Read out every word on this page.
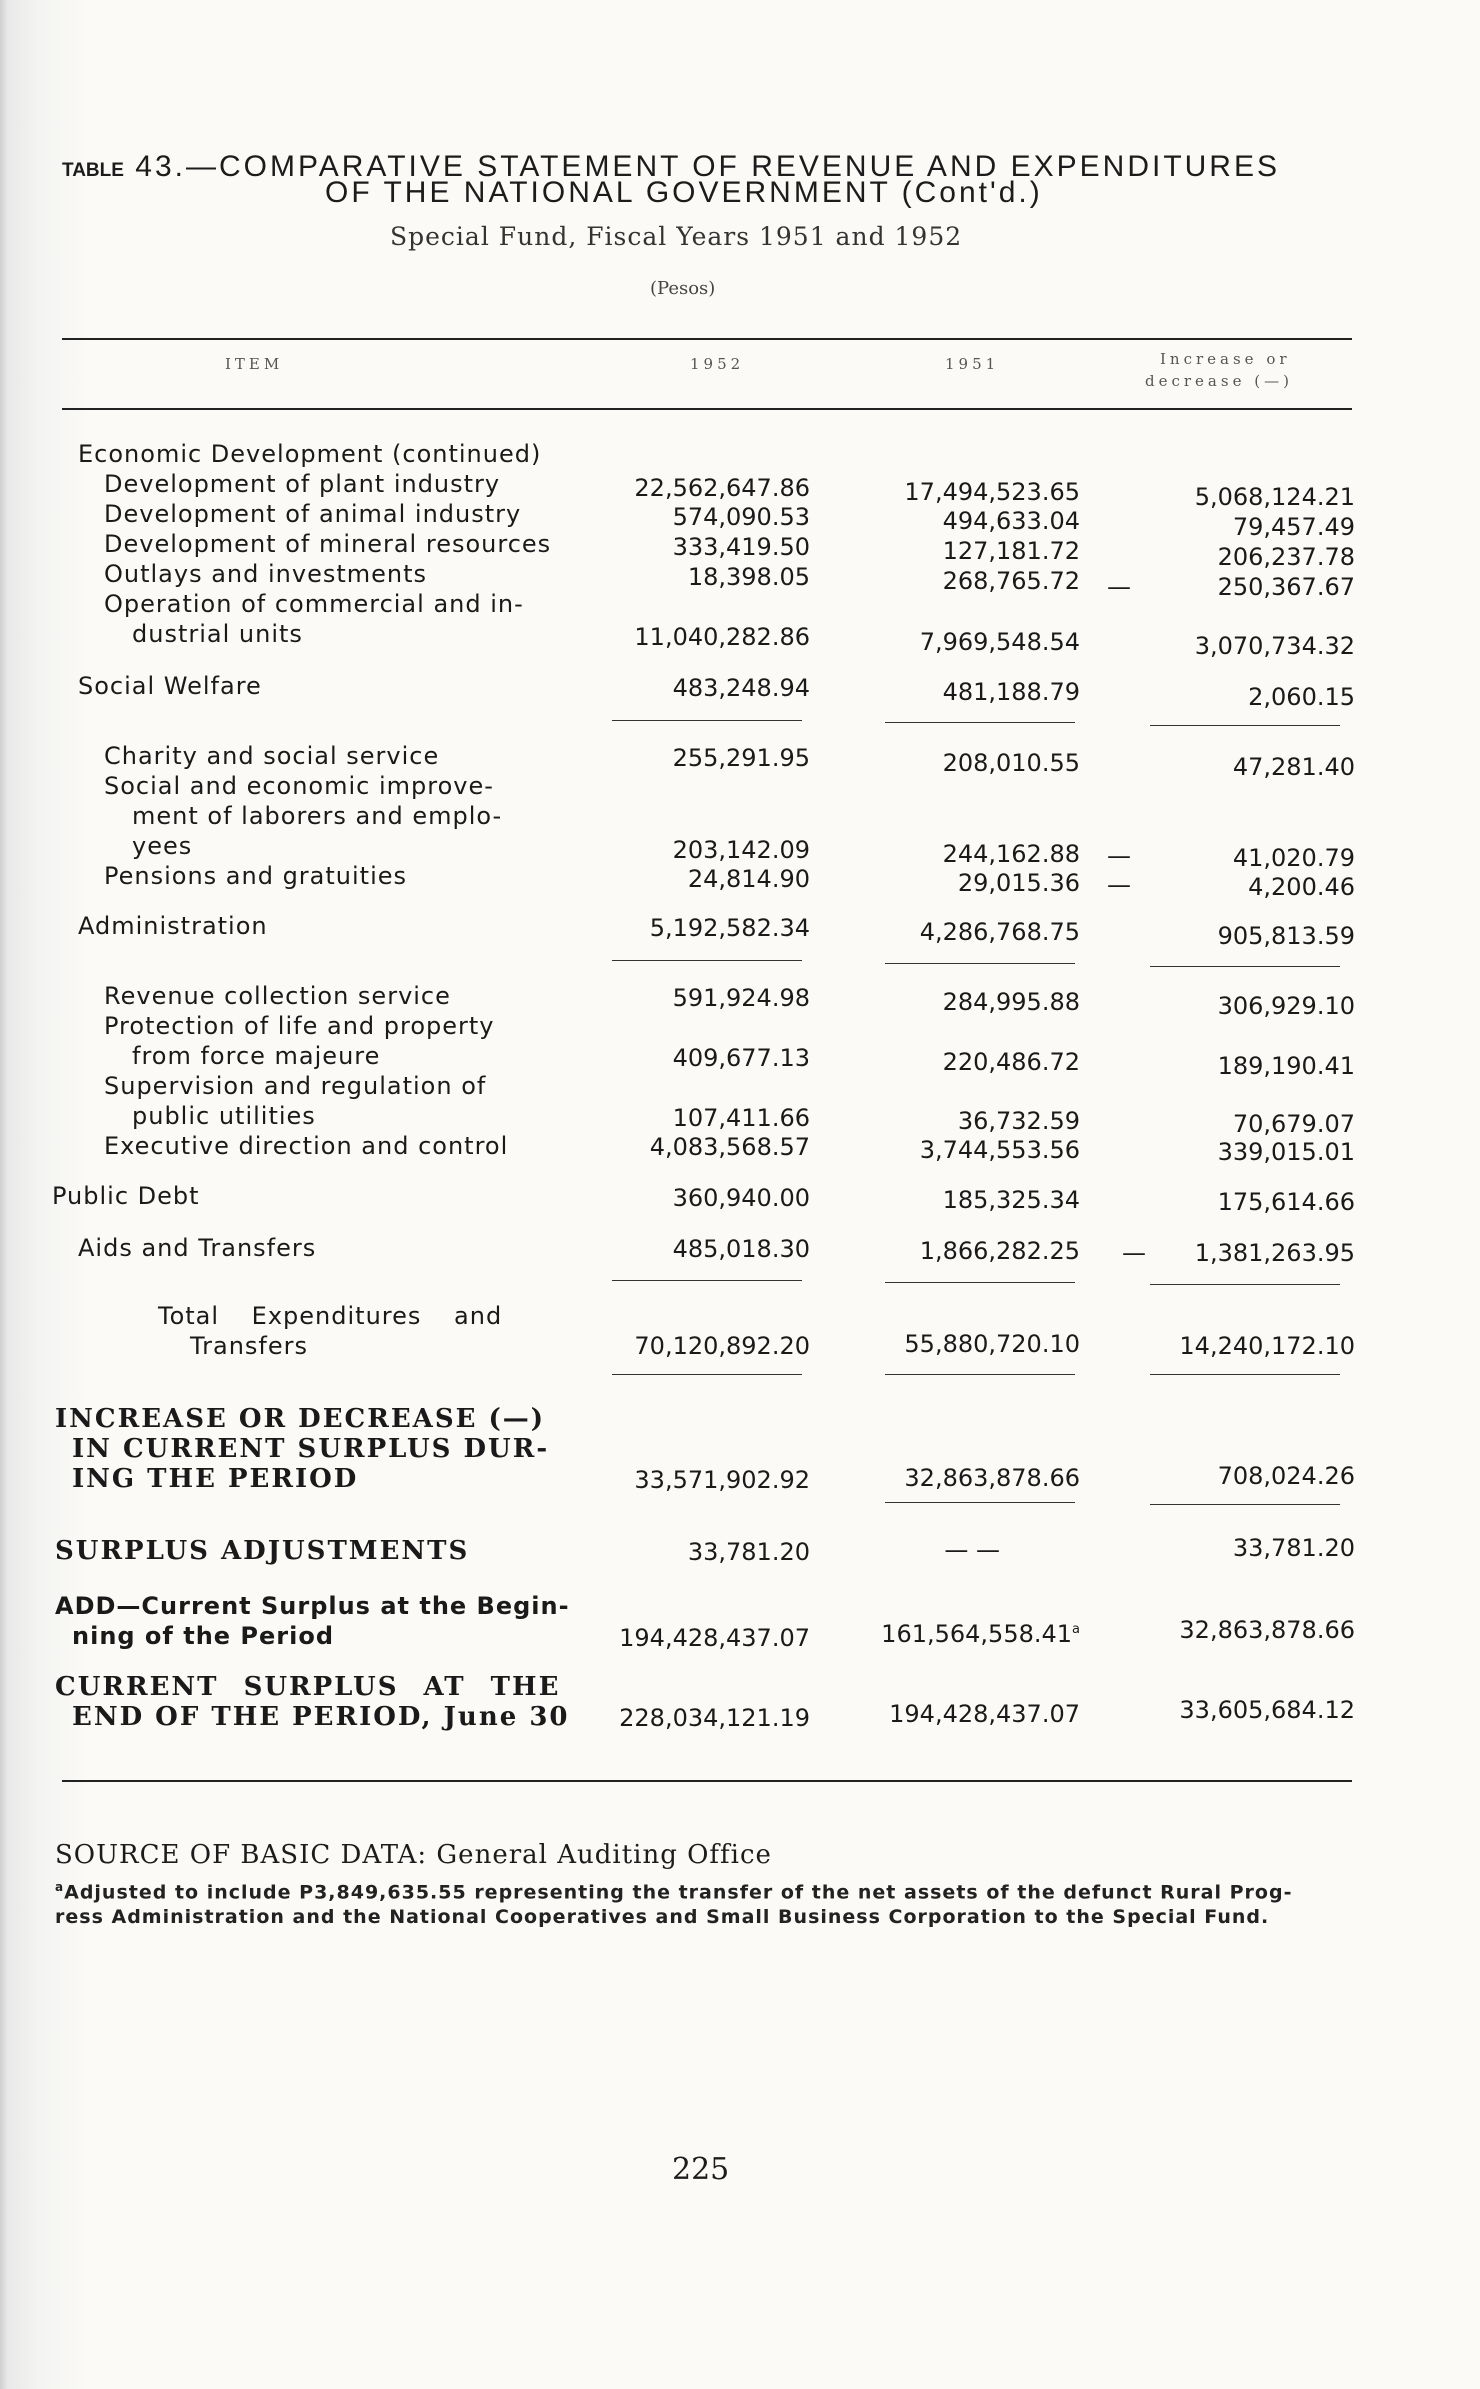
TABLE 43.—COMPARATIVE STATEMENT OF REVENUE AND EXPENDITURES
OF THE NATIONAL GOVERNMENT (Cont'd.)
Special Fund, Fiscal Years 1951 and 1952
(Pesos)
ITEM	1952	1951	Increase or
decrease (—)
Economic Development (continued)
Development of plant industry	22,562,647.86	17,494,523.65	5,068,124.21
Development of animal industry	574,090.53	494,633.04	79,457.49
Development of mineral resources	333,419.50	127,181.72	206,237.78
Outlays and investments	18,398.05	268,765.72 —	250,367.67
Operation of commercial and in-
dustrial units	11,040,282.86	7,969,548.54	3,070,734.32
Social Welfare	483,248.94	481,188.79	2,060.15
Charity and social service	255,291.95	208,010.55	47,281.40
Social and economic improve-
ment of laborers and emplo-
yees	203,142.09	244,162.88 —	41,020.79
Pensions and gratuities	24,814.90	29,015.36 —	4,200.46
Administration	5,192,582.34	4,286,768.75	905,813.59
Revenue collection service	591,924.98	284,995.88	306,929.10
Protection of life and property
from force majeure	409,677.13	220,486.72	189,190.41
Supervision and regulation of
public utilities	107,411.66	36,732.59	70,679.07
Executive direction and control	4,083,568.57	3,744,553.56	339,015.01
Public Debt	360,940.00	185,325.34	175,614.66
Aids and Transfers	485,018.30	1,866,282.25 —	1,381,263.95
Total Expenditures and
Transfers	70,120,892.20	55,880,720.10	14,240,172.10
INCREASE OR DECREASE (—)
IN CURRENT SURPLUS DUR-
ING THE PERIOD	33,571,902.92	32,863,878.66	708,024.26
SURPLUS ADJUSTMENTS	33,781.20	— —	33,781.20
ADD—Current Surplus at the Begin-
ning of the Period	194,428,437.07	161,564,558.41$^a$	32,863,878.66
CURRENT SURPLUS AT THE
END OF THE PERIOD, June 30	228,034,121.19	194,428,437.07	33,605,684.12
SOURCE OF BASIC DATA: General Auditing Office
$^a$Adjusted to include P3,849,635.55 representing the transfer of the net assets of the defunct Rural Prog-
ress Administration and the National Cooperatives and Small Business Corporation to the Special Fund.
225
